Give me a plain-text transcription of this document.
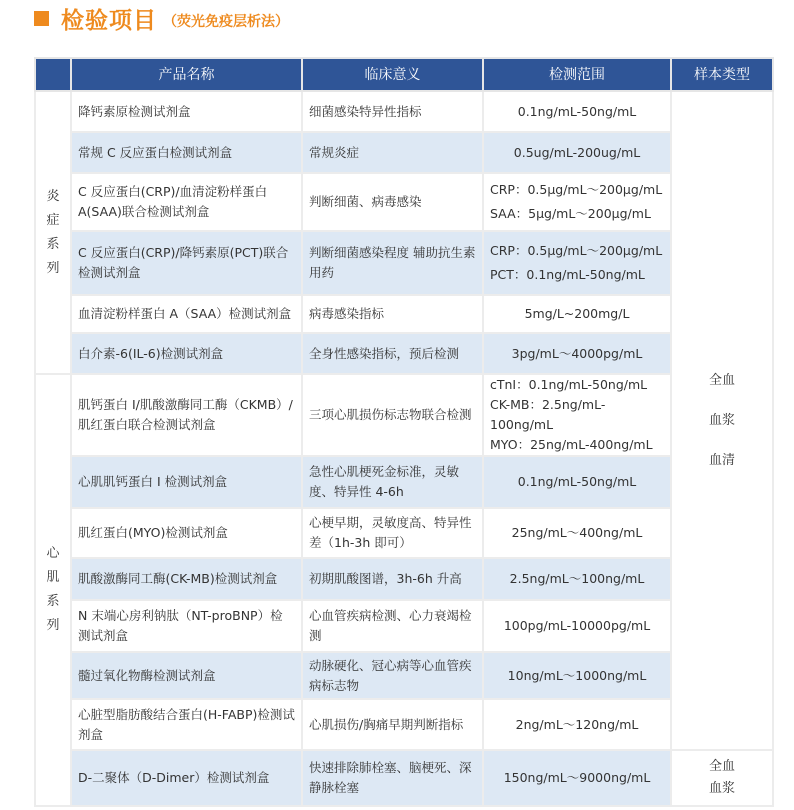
检验项目 （荧光免疫层析法）
	产品名称	临床意义	检测范围	样本类型

炎症系列	降钙素原检测试剂盒	细菌感染特异性指标	0.1ng/mL-50ng/mL	全血
血浆
血清

	常规 C 反应蛋白检测试剂盒	常规炎症	0.5ug/mL-200ug/mL	

	C 反应蛋白(CRP)/血清淀粉样蛋白A(SAA)联合检测试剂盒	判断细菌、病毒感染	CRP：0.5μg/mL～200μg/mL
SAA：5μg/mL～200μg/mL	

	C 反应蛋白(CRP)/降钙素原(PCT)联合检测试剂盒	判断细菌感染程度 辅助抗生素用药	CRP：0.5μg/mL～200μg/mL
PCT：0.1ng/mL-50ng/mL	

	血清淀粉样蛋白 A（SAA）检测试剂盒	病毒感染指标	5mg/L~200mg/L	

	白介素-6(IL-6)检测试剂盒	全身性感染指标，预后检测	3pg/mL～4000pg/mL	

心肌系列	肌钙蛋白 I/肌酸激酶同工酶（CKMB）/肌红蛋白联合检测试剂盒	三项心肌损伤标志物联合检测	cTnI：0.1ng/mL-50ng/mL
CK-MB：2.5ng/mL-100ng/mL
MYO：25ng/mL-400ng/mL	

	心肌肌钙蛋白 I 检测试剂盒	急性心肌梗死金标准，灵敏度、特异性 4-6h	0.1ng/mL-50ng/mL	

	肌红蛋白(MYO)检测试剂盒	心梗早期，灵敏度高、特异性差（1h-3h 即可）	25ng/mL～400ng/mL	

	肌酸激酶同工酶(CK-MB)检测试剂盒	初期肌酸图谱，3h-6h 升高	2.5ng/mL～100ng/mL	

	N 末端心房利钠肽（NT-proBNP）检测试剂盒	心血管疾病检测、心力衰竭检测	100pg/mL-10000pg/mL	

	髓过氧化物酶检测试剂盒	动脉硬化、冠心病等心血管疾病标志物	10ng/mL～1000ng/mL	

	心脏型脂肪酸结合蛋白(H-FABP)检测试剂盒	心肌损伤/胸痛早期判断指标	2ng/mL～120ng/mL	

	D-二聚体（D-Dimer）检测试剂盒	快速排除肺栓塞、脑梗死、深静脉栓塞	150ng/mL～9000ng/mL	全血
血浆
